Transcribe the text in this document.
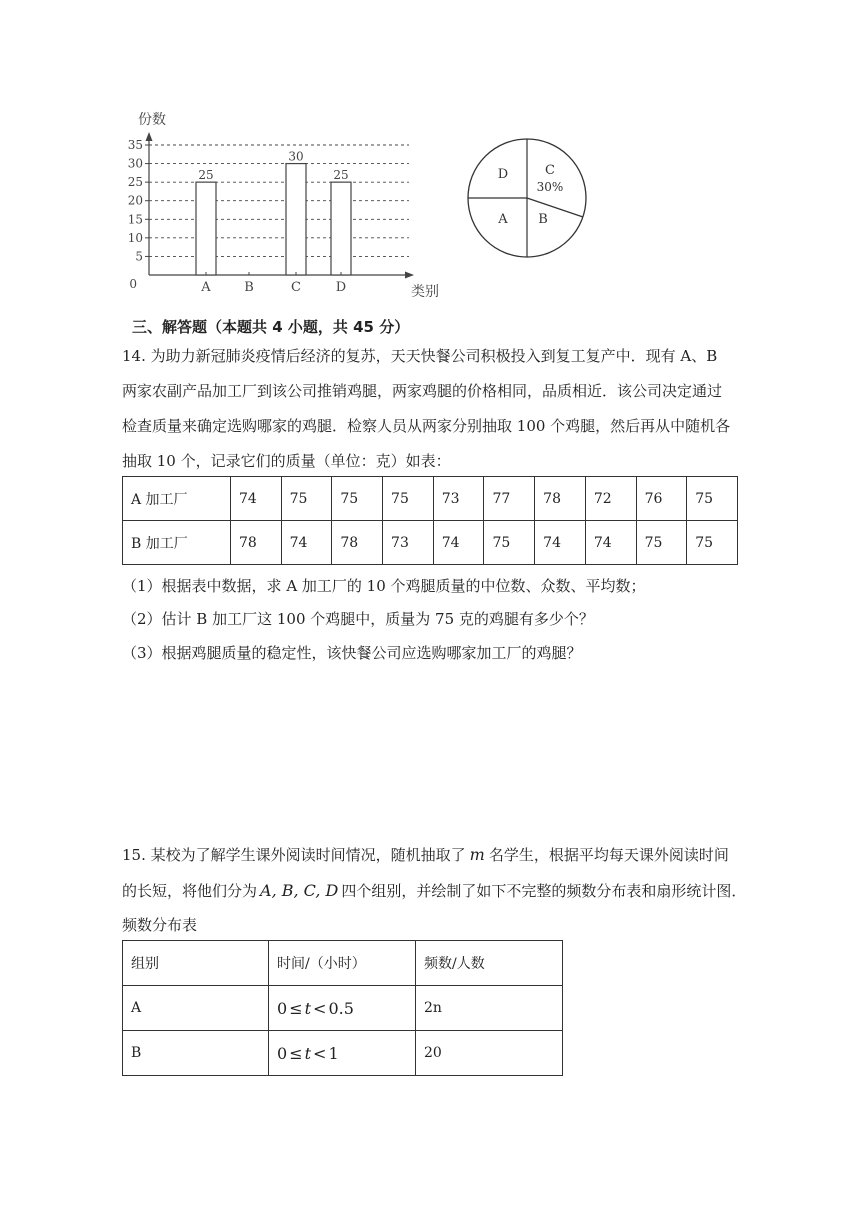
0
5
10
15
20
25
30
35
25
30
25
A	B	C	D
份数
类别
D	C
30%
A B
三、解答题（本题共 4 小题，共 45 分）
14. 为助力新冠肺炎疫情后经济的复苏，天天快餐公司积极投入到复工复产中．现有 A、B
两家农副产品加工厂到该公司推销鸡腿，两家鸡腿的价格相同，品质相近．该公司决定通过
检查质量来确定选购哪家的鸡腿．检察人员从两家分别抽取 100 个鸡腿，然后再从中随机各
抽取 10 个，记录它们的质量（单位：克）如表：
A 加工厂	74	75	75	75	73	77	78	72	76	75
B 加工厂	78	74	78	73	74	75	74	74	75	75
（1）根据表中数据，求 A 加工厂的 10 个鸡腿质量的中位数、众数、平均数；
（2）估计 B 加工厂这 100 个鸡腿中，质量为 75 克的鸡腿有多少个？
（3）根据鸡腿质量的稳定性，该快餐公司应选购哪家加工厂的鸡腿？
15. 某校为了解学生课外阅读时间情况，随机抽取了 m 名学生，根据平均每天课外阅读时间
的长短，将他们分为 A, B, C, D 四个组别，并绘制了如下不完整的频数分布表和扇形统计图．
频数分布表
组别	时间/（小时）	频数/人数
A	0 ≤ t < 0.5	2n
B	0 ≤ t < 1	20
